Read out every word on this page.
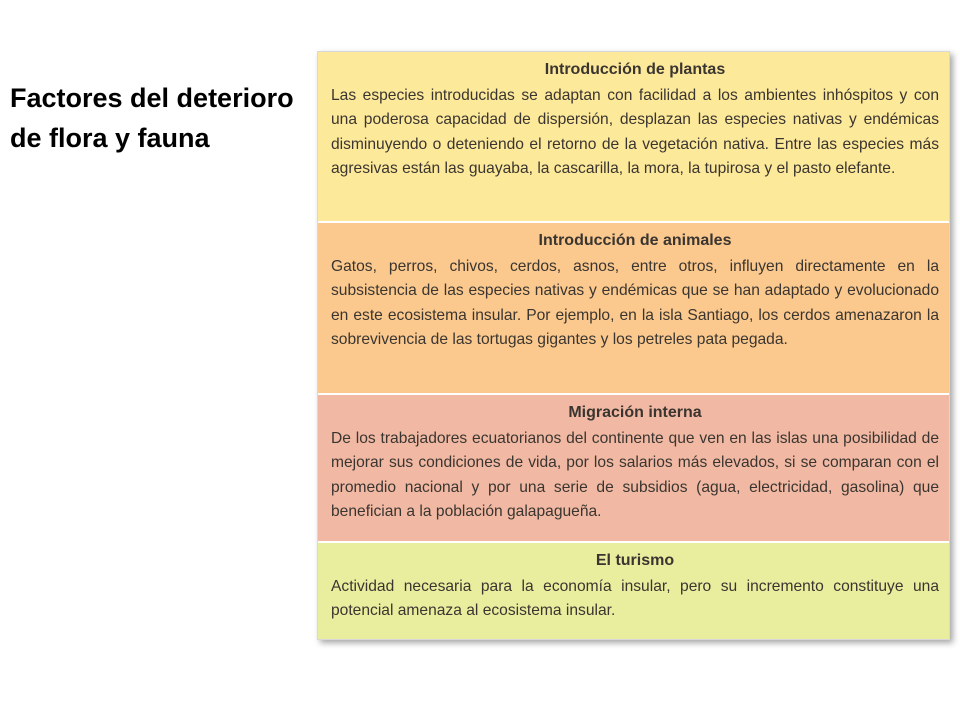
Factores del deterioro de flora y fauna
Introducción de plantas

Las especies introducidas se adaptan con facilidad a los ambientes inhóspitos y con una poderosa capacidad de dispersión, desplazan las especies nativas y endémicas disminuyendo o deteniendo el retorno de la vegetación nativa. Entre las especies más agresivas están las guayaba, la cascarilla, la mora, la tupirosa y el pasto elefante.

Introducción de animales

Gatos, perros, chivos, cerdos, asnos, entre otros, influyen directamente en la subsistencia de las especies nativas y endémicas que se han adaptado y evolucionado en este ecosistema insular. Por ejemplo, en la isla Santiago, los cerdos amenazaron la sobrevivencia de las tortugas gigantes y los petreles pata pegada.

Migración interna

De los trabajadores ecuatorianos del continente que ven en las islas una posibilidad de mejorar sus condiciones de vida, por los salarios más elevados, si se comparan con el promedio nacional y por una serie de subsidios (agua, electricidad, gasolina) que benefician a la población galapagueña.

El turismo

Actividad necesaria para la economía insular, pero su incremento constituye una potencial amenaza al ecosistema insular.
